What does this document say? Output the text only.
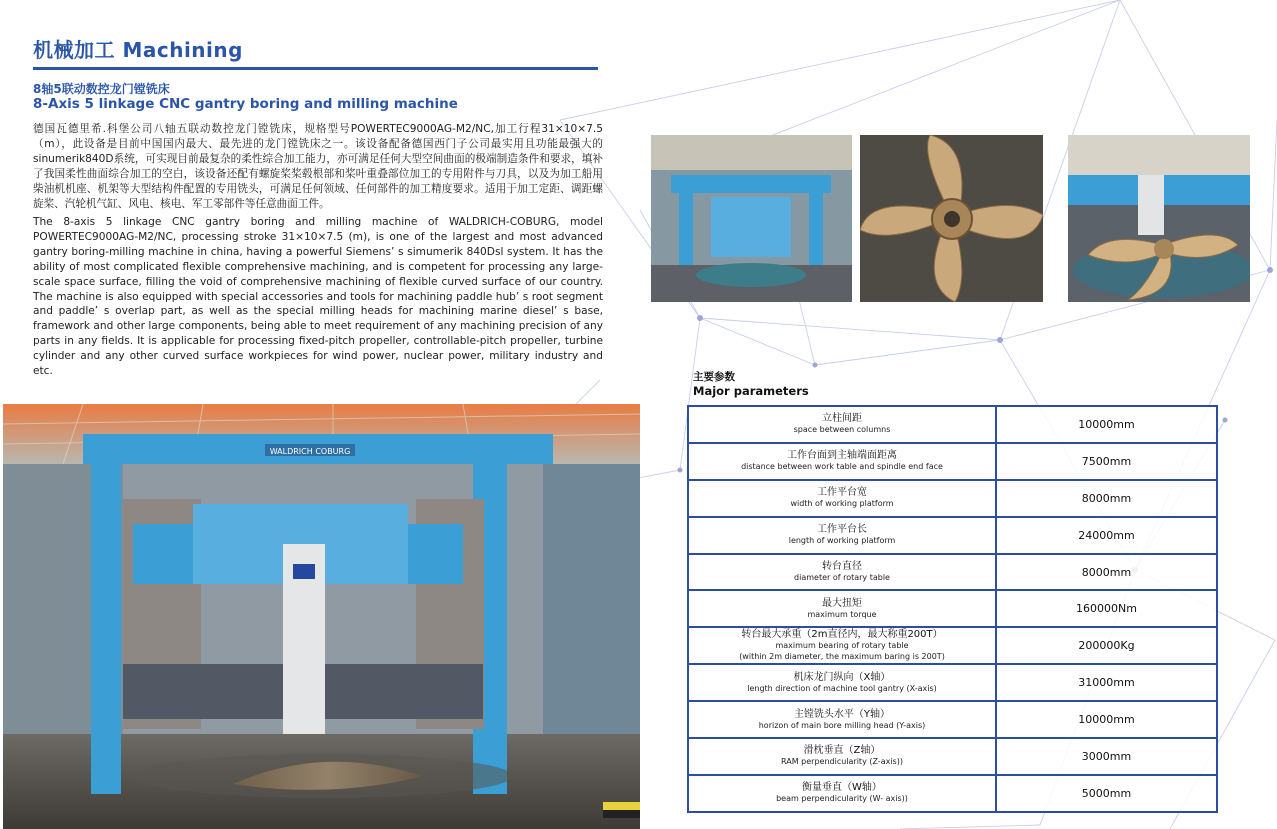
机械加工 Machining
8轴5联动数控龙门镗铣床
8-Axis 5 linkage CNC gantry boring and milling machine
德国瓦德里希.科堡公司八轴五联动数控龙门镗铣床，规格型号POWERTEC9000AG-M2/NC,加工行程31×10×7.5（m），此设备是目前中国国内最大、最先进的龙门镗铣床之一。该设备配备德国西门子公司最实用且功能最强大的sinumerik840D系统，可实现目前最复杂的柔性综合加工能力，亦可满足任何大型空间曲面的极端制造条件和要求，填补了我国柔性曲面综合加工的空白，该设备还配有螺旋桨桨毂根部和桨叶重叠部位加工的专用附件与刀具，以及为加工船用柴油机机座、机架等大型结构件配置的专用铣头，可满足任何领域、任何部件的加工精度要求。适用于加工定距、调距螺旋桨、汽轮机气缸、风电、核电、军工零部件等任意曲面工件。
The 8-axis 5 linkage CNC gantry boring and milling machine of WALDRICH-COBURG, model POWERTEC9000AG-M2/NC, processing stroke 31×10×7.5 (m), is one of the largest and most advanced gantry boring-milling machine in china, having a powerful Siemens’ s simumerik 840Dsl system. It has the ability of most complicated flexible comprehensive machining, and is competent for processing any large-scale space surface, filling the void of comprehensive machining of flexible curved surface of our country. The machine is also equipped with special accessories and tools for machining paddle hub’ s root segment and paddle’ s overlap part, as well as the special milling heads for machining marine diesel’ s base, framework and other large components, being able to meet requirement of any machining precision of any parts in any fields. It is applicable for processing fixed-pitch propeller, controllable-pitch propeller, turbine cylinder and any other curved surface workpieces for wind power, nuclear power, military industry and etc.
WALDRICH COBURG
主要参数
Major parameters
立柱间距
space between columns	10000mm

工作台面到主轴端面距离
distance between work table and spindle end face	7500mm

工作平台宽
width of working platform	8000mm

工作平台长
length of working platform	24000mm

转台直径
diameter of rotary table	8000mm

最大扭矩
maximum torque	160000Nm

转台最大承重（2m直径内，最大称重200T）
maximum bearing of rotary table
(within 2m diameter, the maximum baring is 200T)	200000Kg

机床龙门纵向（X轴）
length direction of machine tool gantry (X-axis)	31000mm

主镗铣头水平（Y轴）
horizon of main bore milling head (Y-axis)	10000mm

滑枕垂直（Z轴）
RAM perpendicularity (Z-axis))	3000mm

衡量垂直（W轴）
beam perpendicularity (W- axis))	5000mm
